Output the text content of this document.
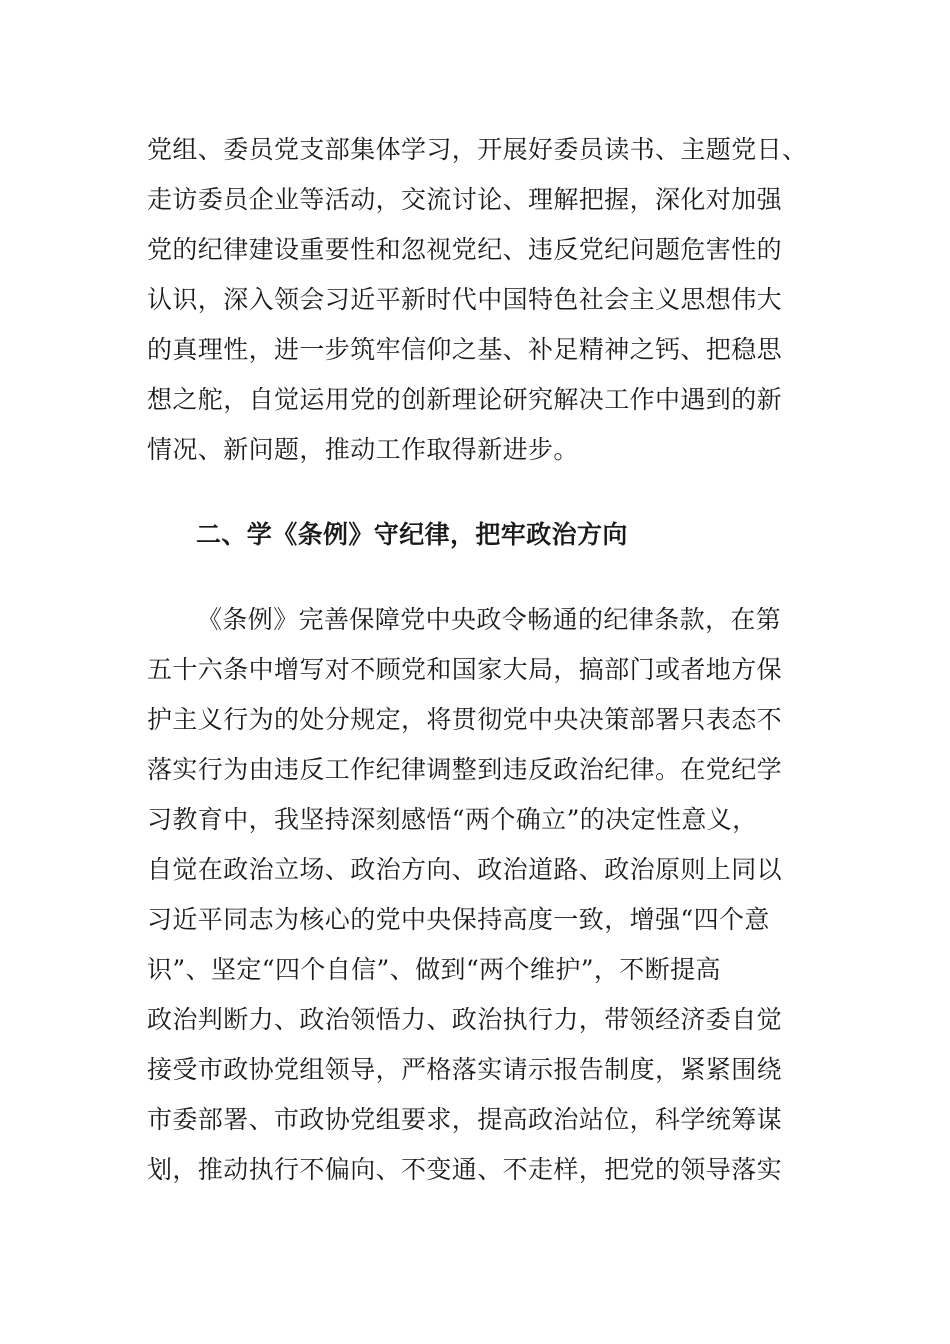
党组、委员党支部集体学习，开展好委员读书、主题党日、
走访委员企业等活动，交流讨论、理解把握，深化对加强
党的纪律建设重要性和忽视党纪、违反党纪问题危害性的
认识，深入领会习近平新时代中国特色社会主义思想伟大
的真理性，进一步筑牢信仰之基、补足精神之钙、把稳思
想之舵，自觉运用党的创新理论研究解决工作中遇到的新
情况、新问题，推动工作取得新进步。
二、学《条例》守纪律，把牢政治方向
《条例》完善保障党中央政令畅通的纪律条款，在第
五十六条中增写对不顾党和国家大局，搞部门或者地方保
护主义行为的处分规定，将贯彻党中央决策部署只表态不
落实行为由违反工作纪律调整到违反政治纪律。在党纪学
习教育中，我坚持深刻感悟“两个确立”的决定性意义，
自觉在政治立场、政治方向、政治道路、政治原则上同以
习近平同志为核心的党中央保持高度一致，增强“四个意
识”、坚定“四个自信”、做到“两个维护”，不断提高
政治判断力、政治领悟力、政治执行力，带领经济委自觉
接受市政协党组领导，严格落实请示报告制度，紧紧围绕
市委部署、市政协党组要求，提高政治站位，科学统筹谋
划，推动执行不偏向、不变通、不走样，把党的领导落实
